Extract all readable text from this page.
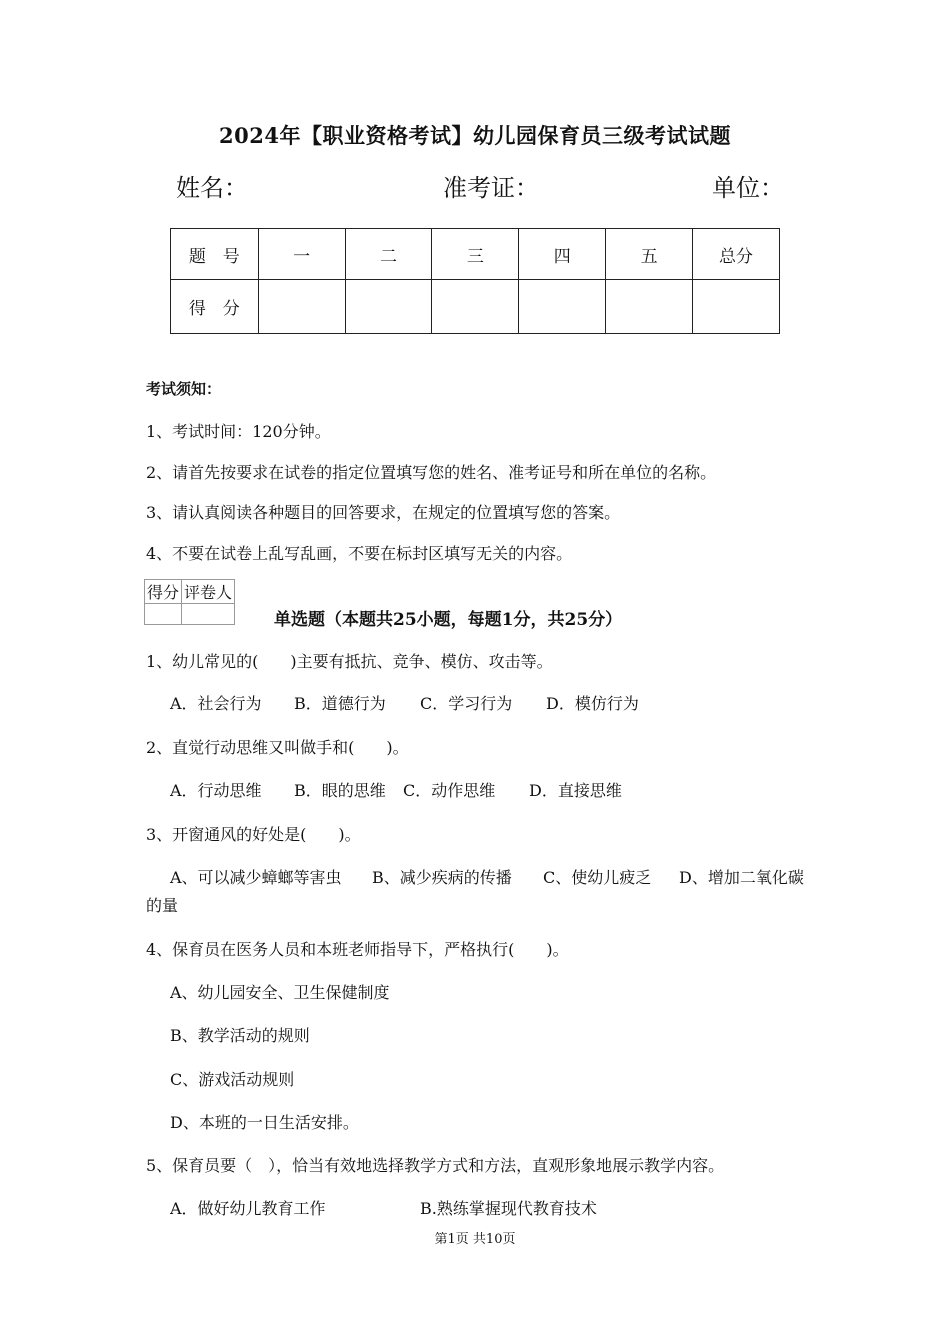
2024年【职业资格考试】幼儿园保育员三级考试试题
姓名：	准考证：	单位：
题　号	一	二	三	四	五	总分
得　分						
考试须知：
1、考试时间：120分钟。
2、请首先按要求在试卷的指定位置填写您的姓名、准考证号和所在单位的名称。
3、请认真阅读各种题目的回答要求，在规定的位置填写您的答案。
4、不要在试卷上乱写乱画，不要在标封区填写无关的内容。
得分	评卷人

单选题（本题共25小题，每题1分，共25分）
1、幼儿常见的(　　)主要有抵抗、竞争、模仿、攻击等。
A．社会行为 B．道德行为 C．学习行为 D．模仿行为
2、直觉行动思维又叫做手和(　　)。
A．行动思维 B．眼的思维 C．动作思维 D．直接思维
3、开窗通风的好处是(　　)。
A、可以减少蟑螂等害虫 B、减少疾病的传播 C、使幼儿疲乏 D、增加二氧化碳
的量
4、保育员在医务人员和本班老师指导下，严格执行(　　)。
A、幼儿园安全、卫生保健制度
B、教学活动的规则
C、游戏活动规则
D、本班的一日生活安排。
5、保育员要（　），恰当有效地选择教学方式和方法，直观形象地展示教学内容。
A．做好幼儿教育工作	B.熟练掌握现代教育技术
第1页 共10页
